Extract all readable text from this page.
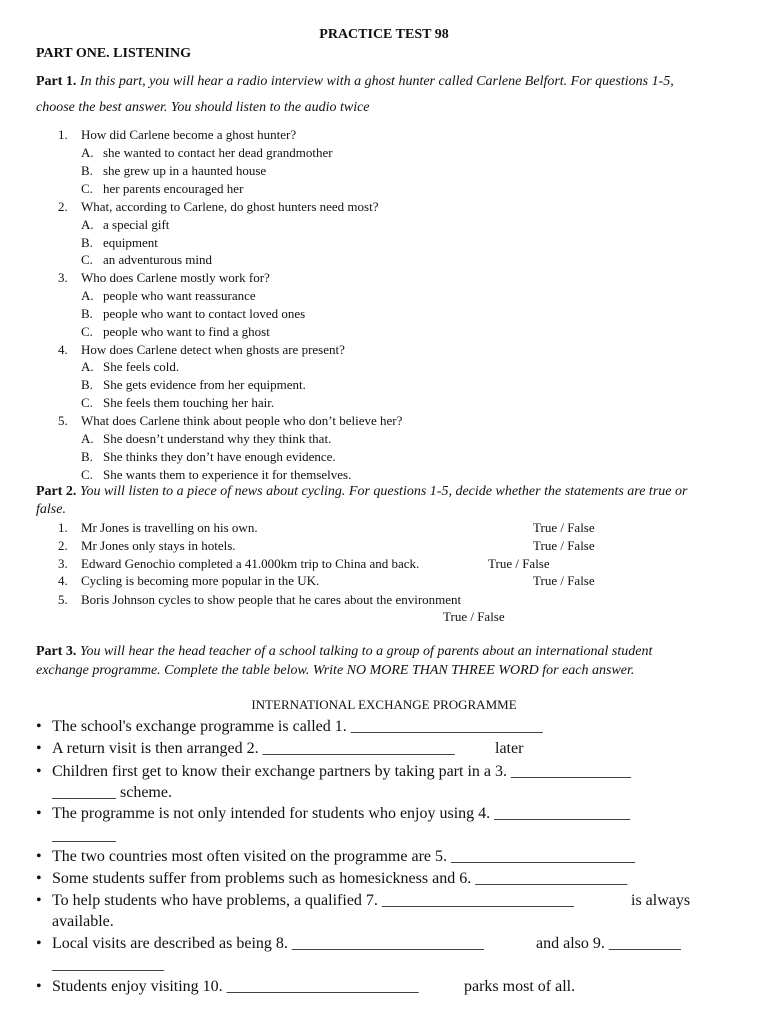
PRACTICE TEST 98
PART ONE. LISTENING
Part 1. In this part, you will hear a radio interview with a ghost hunter called Carlene Belfort. For questions 1-5,
choose the best answer. You should listen to the audio twice
1. How did Carlene become a ghost hunter?
A. she wanted to contact her dead grandmother
B. she grew up in a haunted house
C. her parents encouraged her
2. What, according to Carlene, do ghost hunters need most?
A. a special gift
B. equipment
C. an adventurous mind
3. Who does Carlene mostly work for?
A. people who want reassurance
B. people who want to contact loved ones
C. people who want to find a ghost
4. How does Carlene detect when ghosts are present?
A. She feels cold.
B. She gets evidence from her equipment.
C. She feels them touching her hair.
5. What does Carlene think about people who don’t believe her?
A. She doesn’t understand why they think that.
B. She thinks they don’t have enough evidence.
C. She wants them to experience it for themselves.
Part 2. You will listen to a piece of news about cycling. For questions 1-5, decide whether the statements are true or
false.
1. Mr Jones is travelling on his own.	True / False
2. Mr Jones only stays in hotels.	True / False
3. Edward Genochio completed a 41.000km trip to China and back.	True / False
4. Cycling is becoming more popular in the UK.	True / False
5. Boris Johnson cycles to show people that he cares about the environment
True / False
Part 3. You will hear the head teacher of a school talking to a group of parents about an international student
exchange programme. Complete the table below. Write NO MORE THAN THREE WORD for each answer.
INTERNATIONAL EXCHANGE PROGRAMME
• The school's exchange programme is called 1. ________________________
• A return visit is then arranged 2. ________________________	later
• Children first get to know their exchange partners by taking part in a 3. _______________
________ scheme.
• The programme is not only intended for students who enjoy using 4. _________________
________
• The two countries most often visited on the programme are 5. _______________________
• Some students suffer from problems such as homesickness and 6. ___________________
• To help students who have problems, a qualified 7. ________________________	is always
available.
• Local visits are described as being 8. ________________________	and also 9. _________
______________
• Students enjoy visiting 10. ________________________	parks most of all.
